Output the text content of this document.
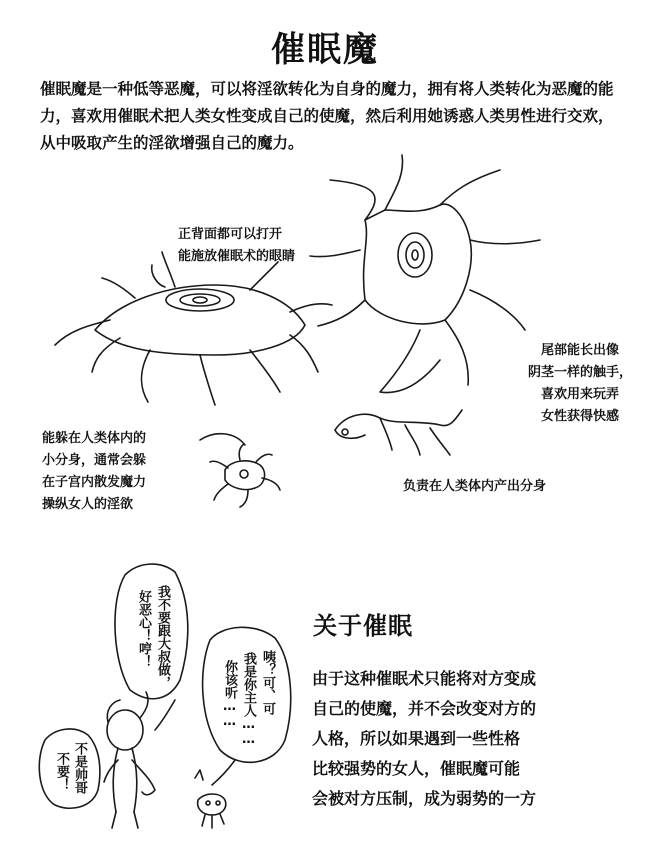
催眠魔
催眠魔是一种低等恶魔，可以将淫欲转化为自身的魔力，拥有将人类转化为恶魔的能力，喜欢用催眠术把人类女性变成自己的使魔，然后利用她诱惑人类男性进行交欢，从中吸取产生的淫欲增强自己的魔力。
正背面都可以打开
能施放催眠术的眼睛
尾部能长出像
阴茎一样的触手，
喜欢用来玩弄
女性获得快感
能躲在人类体内的
小分身，通常会躲
在子宫内散发魔力
操纵女人的淫欲
负责在人类体内产出分身
我不要跟大叔做，
好恶心！哼！
不是帅哥
不要！
咦？可、可
我是你主人……
你该听……
关于催眠
由于这种催眠术只能将对方变成
自己的使魔，并不会改变对方的
人格，所以如果遇到一些性格
比较强势的女人，催眠魔可能
会被对方压制，成为弱势的一方
